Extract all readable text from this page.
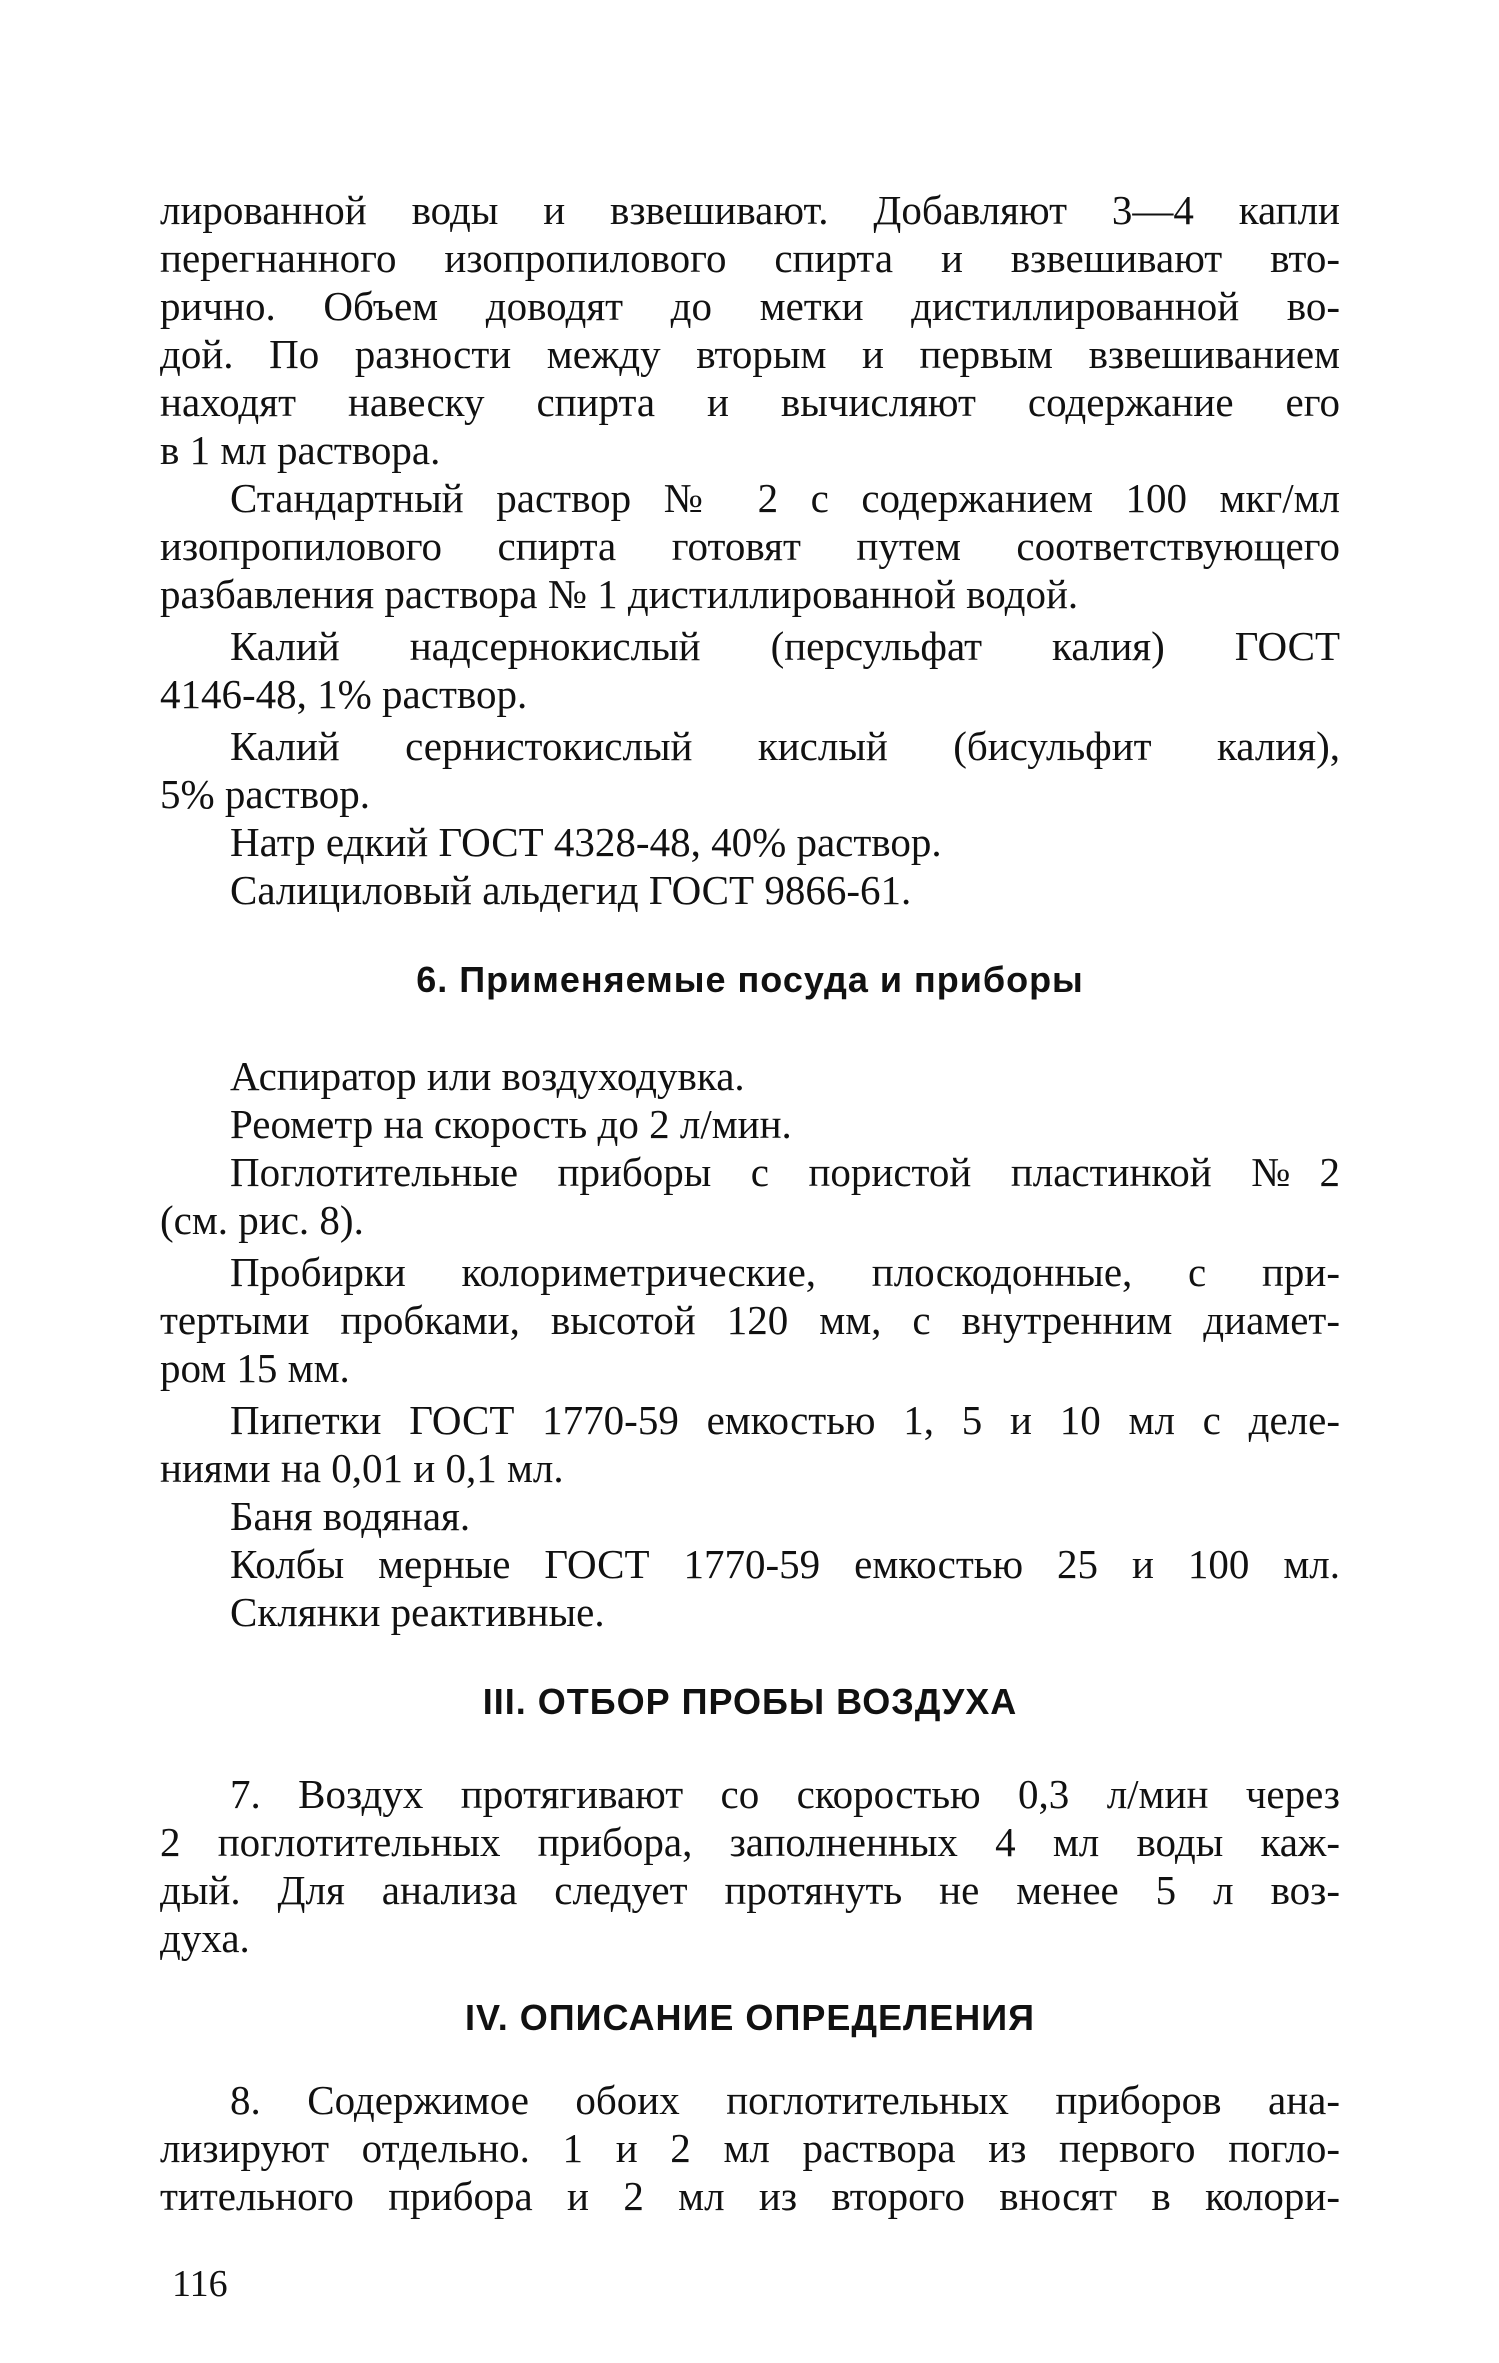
лированной воды и взвешивают. Добавляют 3—4 капли
перегнанного изопропилового спирта и взвешивают вто-
рично. Объем доводят до метки дистиллированной во-
дой. По разности между вторым и первым взвешиванием
находят навеску спирта и вычисляют содержание его
в 1 мл раствора.
Стандартный раствор № 2 с содержанием 100 мкг/мл
изопропилового спирта готовят путем соответствующего
разбавления раствора № 1 дистиллированной водой.
Калий надсернокислый (персульфат калия) ГОСТ
4146-48, 1% раствор.
Калий сернистокислый кислый (бисульфит калия),
5% раствор.
Натр едкий ГОСТ 4328-48, 40% раствор.
Салициловый альдегид ГОСТ 9866-61.
6. Применяемые посуда и приборы
Аспиратор или воздуходувка.
Реометр на скорость до 2 л/мин.
Поглотительные приборы с пористой пластинкой №2
(см. рис. 8).
Пробирки колориметрические, плоскодонные, с при-
тертыми пробками, высотой 120 мм, с внутренним диамет-
ром 15 мм.
Пипетки ГОСТ 1770-59 емкостью 1, 5 и 10 мл с деле-
ниями на 0,01 и 0,1 мл.
Баня водяная.
Колбы мерные ГОСТ 1770-59 емкостью 25 и 100 мл.
Склянки реактивные.
III. ОТБОР ПРОБЫ ВОЗДУХА
7. Воздух протягивают со скоростью 0,3 л/мин через
2 поглотительных прибора, заполненных 4 мл воды каж-
дый. Для анализа следует протянуть не менее 5 л воз-
духа.
IV. ОПИСАНИЕ ОПРЕДЕЛЕНИЯ
8. Содержимое обоих поглотительных приборов ана-
лизируют отдельно. 1 и 2 мл раствора из первого погло-
тительного прибора и 2 мл из второго вносят в колори-
116
